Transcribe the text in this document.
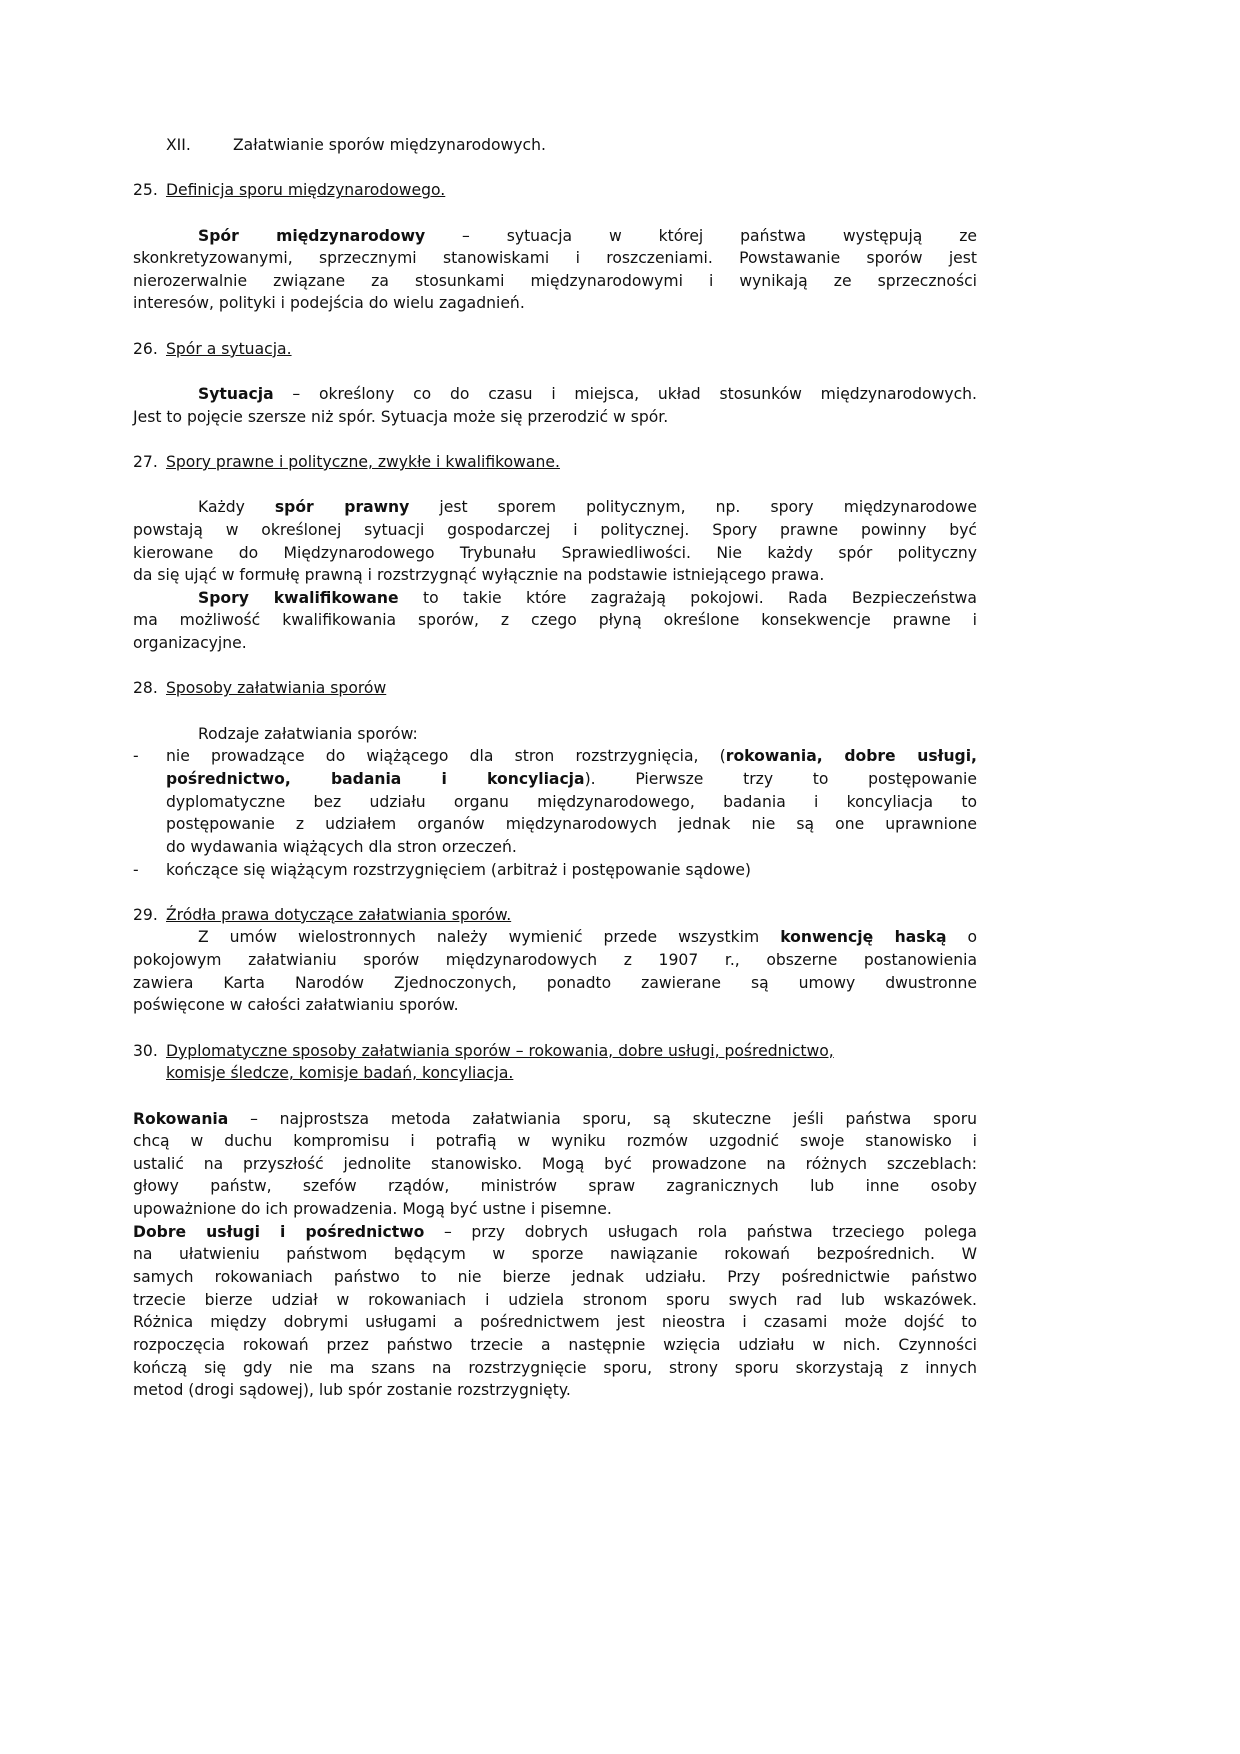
XII.	Załatwianie sporów międzynarodowych.
25. Definicja sporu międzynarodowego.
Spór międzynarodowy – sytuacja w której państwa występują ze
skonkretyzowanymi, sprzecznymi stanowiskami i roszczeniami. Powstawanie sporów jest
nierozerwalnie związane za stosunkami międzynarodowymi i wynikają ze sprzeczności
interesów, polityki i podejścia do wielu zagadnień.
26. Spór a sytuacja.
Sytuacja – określony co do czasu i miejsca, układ stosunków międzynarodowych.
Jest to pojęcie szersze niż spór. Sytuacja może się przerodzić w spór.
27. Spory prawne i polityczne, zwykłe i kwalifikowane.
Każdy spór prawny jest sporem politycznym, np. spory międzynarodowe
powstają w określonej sytuacji gospodarczej i politycznej. Spory prawne powinny być
kierowane do Międzynarodowego Trybunału Sprawiedliwości. Nie każdy spór polityczny
da się ująć w formułę prawną i rozstrzygnąć wyłącznie na podstawie istniejącego prawa.
Spory kwalifikowane to takie które zagrażają pokojowi. Rada Bezpieczeństwa
ma możliwość kwalifikowania sporów, z czego płyną określone konsekwencje prawne i
organizacyjne.
28. Sposoby załatwiania sporów
Rodzaje załatwiania sporów:
- nie prowadzące do wiążącego dla stron rozstrzygnięcia, (rokowania, dobre usługi,
pośrednictwo, badania i koncyliacja). Pierwsze trzy to postępowanie
dyplomatyczne bez udziału organu międzynarodowego, badania i koncyliacja to
postępowanie z udziałem organów międzynarodowych jednak nie są one uprawnione
do wydawania wiążących dla stron orzeczeń.
- kończące się wiążącym rozstrzygnięciem (arbitraż i postępowanie sądowe)
29. Źródła prawa dotyczące załatwiania sporów.
Z umów wielostronnych należy wymienić przede wszystkim konwencję haską o
pokojowym załatwianiu sporów międzynarodowych z 1907 r., obszerne postanowienia
zawiera Karta Narodów Zjednoczonych, ponadto zawierane są umowy dwustronne
poświęcone w całości załatwianiu sporów.
30. Dyplomatyczne sposoby załatwiania sporów – rokowania, dobre usługi, pośrednictwo,
komisje śledcze, komisje badań, koncyliacja.
Rokowania – najprostsza metoda załatwiania sporu, są skuteczne jeśli państwa sporu
chcą w duchu kompromisu i potrafią w wyniku rozmów uzgodnić swoje stanowisko i
ustalić na przyszłość jednolite stanowisko. Mogą być prowadzone na różnych szczeblach:
głowy państw, szefów rządów, ministrów spraw zagranicznych lub inne osoby
upoważnione do ich prowadzenia. Mogą być ustne i pisemne.
Dobre usługi i pośrednictwo – przy dobrych usługach rola państwa trzeciego polega
na ułatwieniu państwom będącym w sporze nawiązanie rokowań bezpośrednich. W
samych rokowaniach państwo to nie bierze jednak udziału. Przy pośrednictwie państwo
trzecie bierze udział w rokowaniach i udziela stronom sporu swych rad lub wskazówek.
Różnica między dobrymi usługami a pośrednictwem jest nieostra i czasami może dojść to
rozpoczęcia rokowań przez państwo trzecie a następnie wzięcia udziału w nich. Czynności
kończą się gdy nie ma szans na rozstrzygnięcie sporu, strony sporu skorzystają z innych
metod (drogi sądowej), lub spór zostanie rozstrzygnięty.
